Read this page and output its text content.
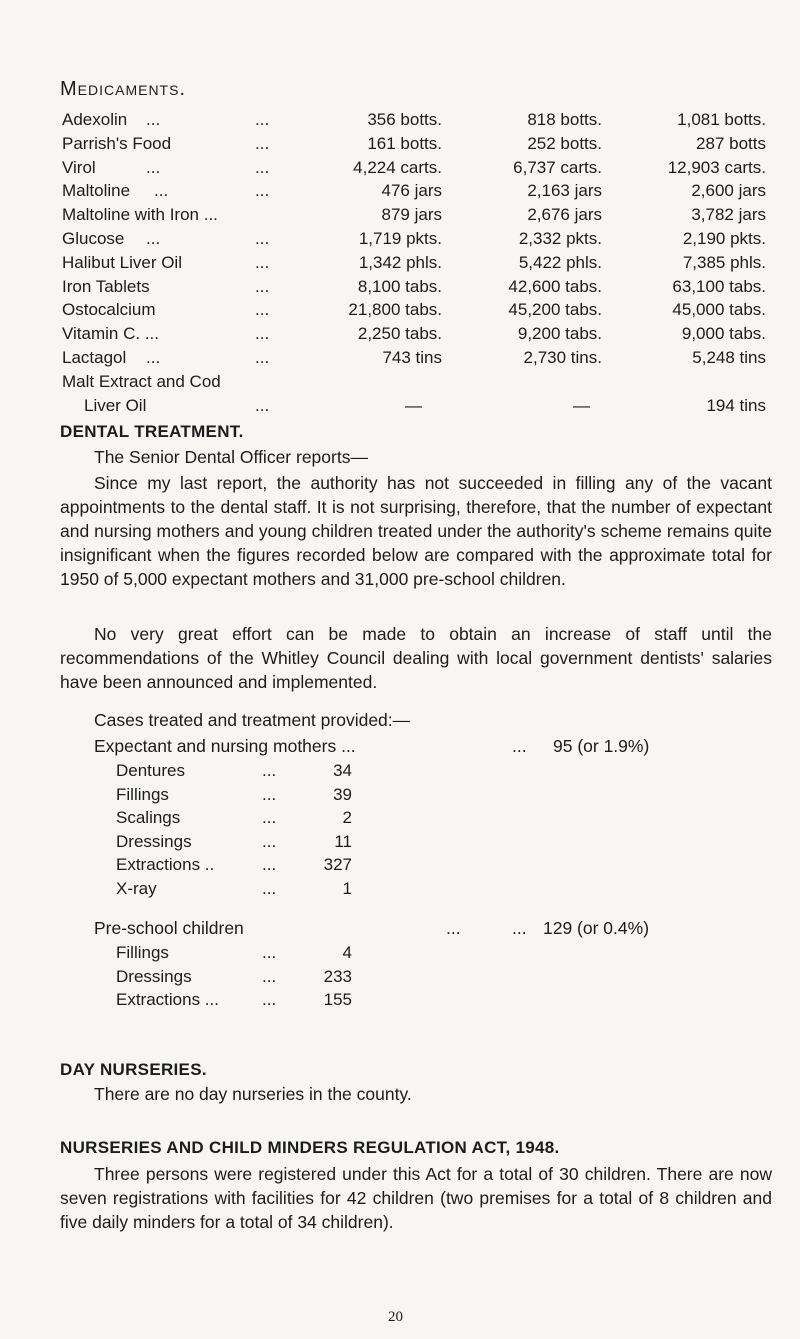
Medicaments.
Adexolin	...	356 botts.	818 botts.	1,081 botts.
...
Parrish's Food	...	161 botts.	252 botts.	287 botts
Virol	...	4,224 carts.	6,737 carts.	12,903 carts.
...
Maltoline	...	476 jars	2,163 jars	2,600 jars
...
Maltoline with Iron ...	879 jars	2,676 jars	3,782 jars
Glucose	...	1,719 pkts.	2,332 pkts.	2,190 pkts.
...
Halibut Liver Oil	...	1,342 phls.	5,422 phls.	7,385 phls.
Iron Tablets	...	8,100 tabs.	42,600 tabs.	63,100 tabs.
Ostocalcium	...	21,800 tabs.	45,200 tabs.	45,000 tabs.
Vitamin C. ...	...	2,250 tabs.	9,200 tabs.	9,000 tabs.
Lactagol	...	743 tins	2,730 tins.	5,248 tins
...
Malt Extract and Cod
Liver Oil	...	—	—	194 tins
DENTAL TREATMENT.
The Senior Dental Officer reports—
Since my last report, the authority has not succeeded in filling any of the vacant appointments to the dental staff. It is not surprising, therefore, that the number of expectant and nursing mothers and young children treated under the authority's scheme remains quite insignificant when the figures recorded below are compared with the approximate total for 1950 of 5,000 expectant mothers and 31,000 pre-school children.
No very great effort can be made to obtain an increase of staff until the recommendations of the Whitley Council dealing with local government dentists' salaries have been announced and implemented.
Cases treated and treatment provided:—
Expectant and nursing mothers ...	... 95 (or 1.9%)
Dentures	...	34
Fillings	...	39
Scalings	...	2
Dressings	...	11
Extractions ..	...	327
X-ray	...	1
Pre-school children	...	... 129 (or 0.4%)
Fillings	...	4
Dressings	...	233
Extractions ...	...	155
DAY NURSERIES.
There are no day nurseries in the county.
NURSERIES AND CHILD MINDERS REGULATION ACT, 1948.
Three persons were registered under this Act for a total of 30 children. There are now seven registrations with facilities for 42 children (two premises for a total of 8 children and five daily minders for a total of 34 children).
20
